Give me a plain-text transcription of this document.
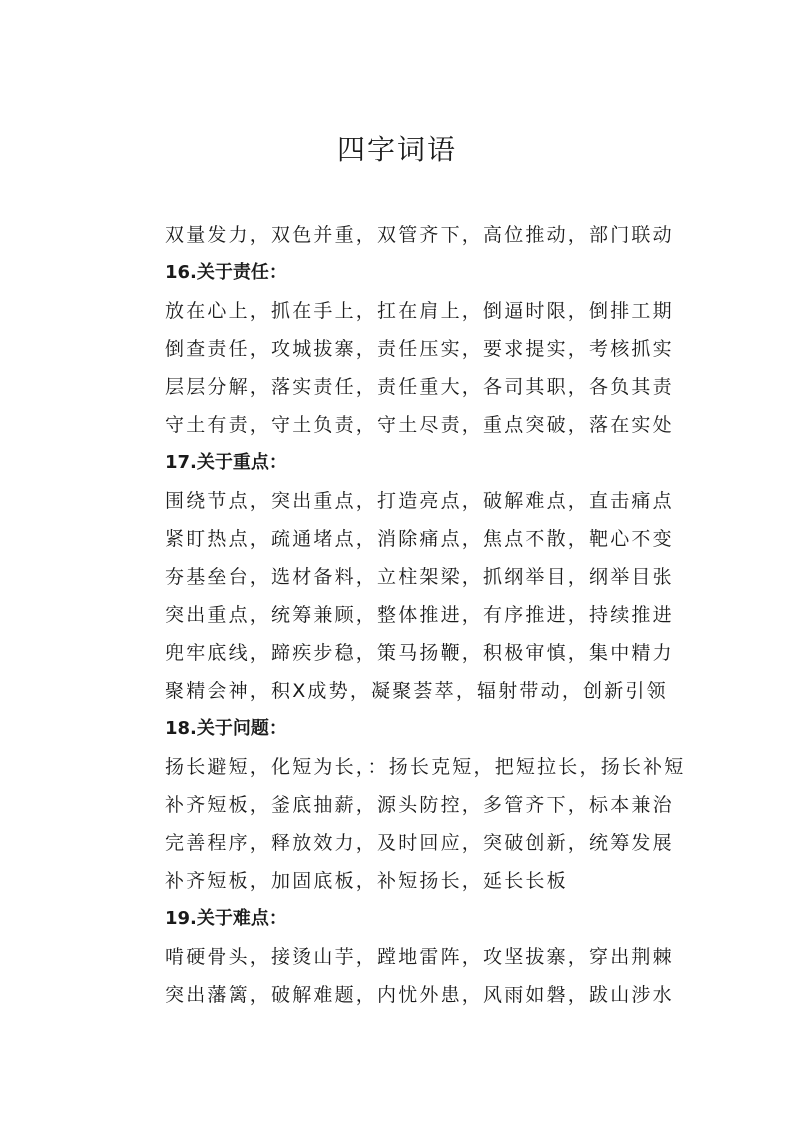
四字词语
双量发力，双色并重，双管齐下，高位推动，部门联动
16.关于责任：
放在心上，抓在手上，扛在肩上，倒逼时限，倒排工期
倒查责任，攻城拔寨，责任压实，要求提实，考核抓实
层层分解，落实责任，责任重大，各司其职，各负其责
守土有责，守土负责，守土尽责，重点突破，落在实处
17.关于重点：
围绕节点，突出重点，打造亮点，破解难点，直击痛点
紧盯热点，疏通堵点，消除痛点，焦点不散，靶心不变
夯基垒台，选材备料，立柱架梁，抓纲举目，纲举目张
突出重点，统筹兼顾，整体推进，有序推进，持续推进
兜牢底线，蹄疾步稳，策马扬鞭，积极审慎，集中精力
聚精会神，积X成势，凝聚荟萃，辐射带动，创新引领
18.关于问题：
扬长避短，化短为长，：扬长克短，把短拉长，扬长补短
补齐短板，釜底抽薪，源头防控，多管齐下，标本兼治
完善程序，释放效力，及时回应，突破创新，统筹发展
补齐短板，加固底板，补短扬长，延长长板
19.关于难点：
啃硬骨头，接烫山芋，蹚地雷阵，攻坚拔寨，穿出荆棘
突出藩篱，破解难题，内忧外患，风雨如磐，跋山涉水
